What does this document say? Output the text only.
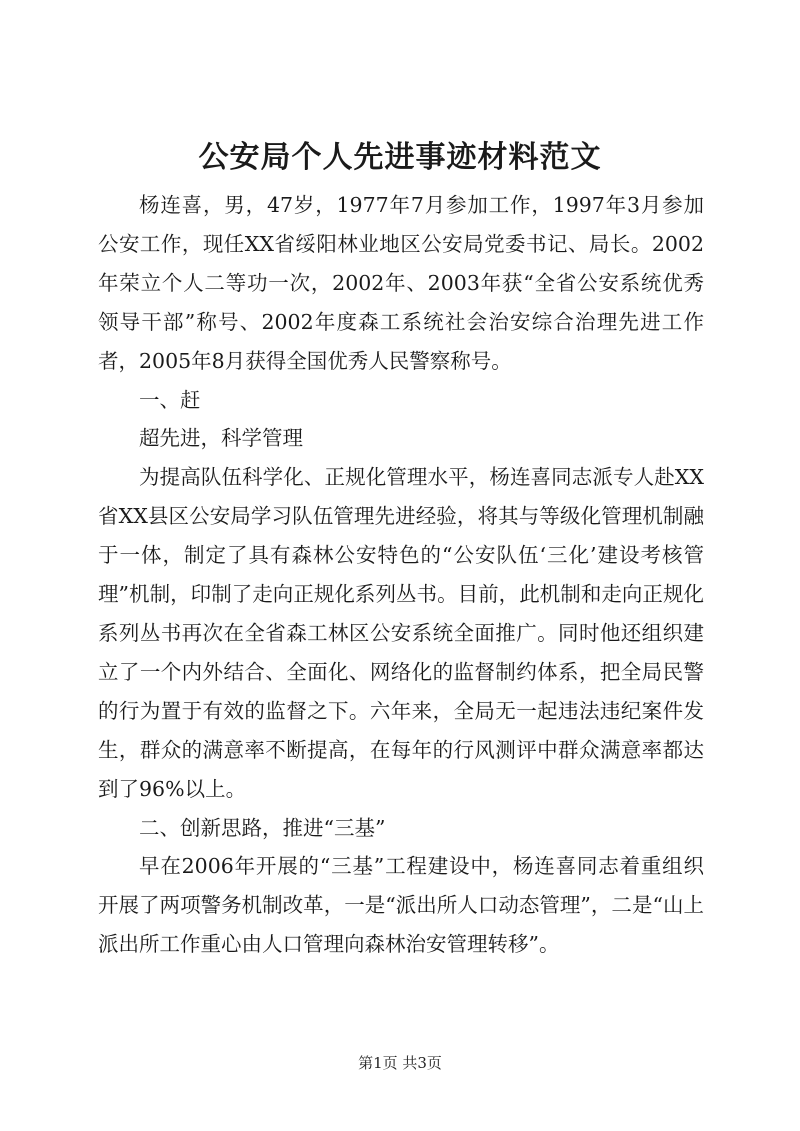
公安局个人先进事迹材料范文

杨连喜，男，47岁，1977年7月参加工作，1997年3月参加公安工作，现任XX省绥阳林业地区公安局党委书记、局长。2002年荣立个人二等功一次，2002年、2003年获“全省公安系统优秀领导干部”称号、2002年度森工系统社会治安综合治理先进工作者，2005年8月获得全国优秀人民警察称号。

一、赶

超先进，科学管理

为提高队伍科学化、正规化管理水平，杨连喜同志派专人赴XX省XX县区公安局学习队伍管理先进经验，将其与等级化管理机制融于一体，制定了具有森林公安特色的“公安队伍‘三化’建设考核管理”机制，印制了走向正规化系列丛书。目前，此机制和走向正规化系列丛书再次在全省森工林区公安系统全面推广。同时他还组织建立了一个内外结合、全面化、网络化的监督制约体系，把全局民警的行为置于有效的监督之下。六年来，全局无一起违法违纪案件发生，群众的满意率不断提高，在每年的行风测评中群众满意率都达到了96%以上。

二、创新思路，推进“三基”

早在2006年开展的“三基”工程建设中，杨连喜同志着重组织开展了两项警务机制改革，一是“派出所人口动态管理”，二是“山上派出所工作重心由人口管理向森林治安管理转移”。

第1页 共3页
